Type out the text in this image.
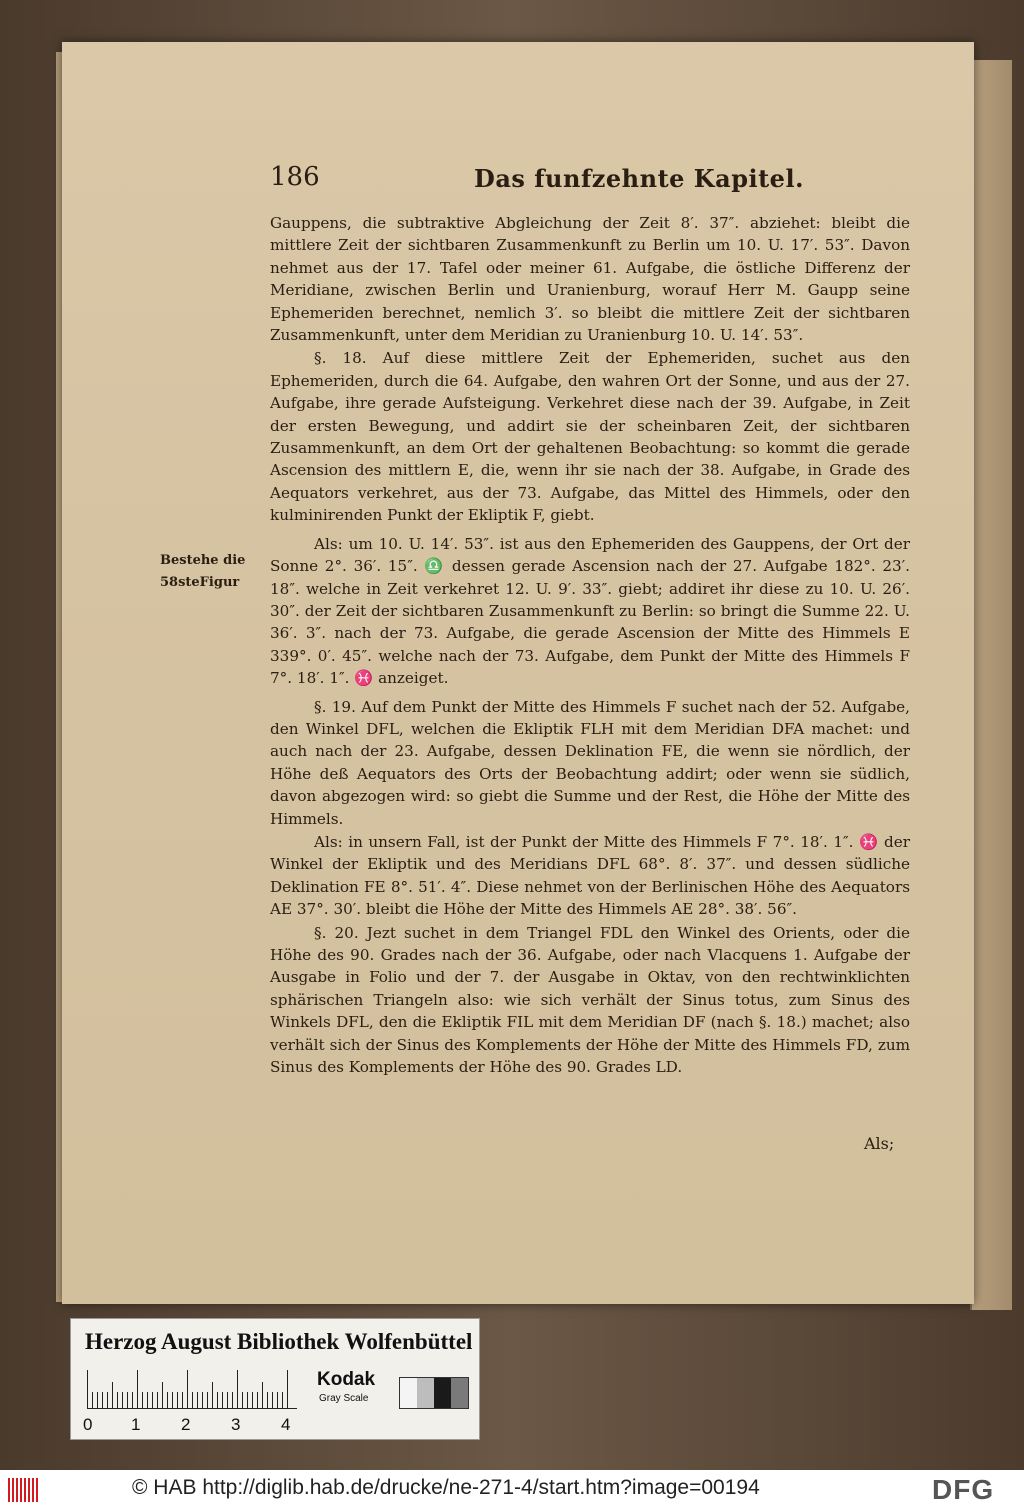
186	Das funfzehnte Kapitel.
Bestehe die
58steFigur

Gauppens, die subtraktive Abgleichung der Zeit 8′. 37″. abziehet: bleibt die mittlere Zeit der sichtbaren Zusammenkunft zu Berlin um 10. U. 17′. 53″. Davon nehmet aus der 17. Tafel oder meiner 61. Aufgabe, die östliche Differenz der Meridiane, zwischen Berlin und Uranienburg, worauf Herr M. Gaupp seine Ephemeriden berechnet, nemlich 3′. so bleibt die mittlere Zeit der sichtbaren Zusammenkunft, unter dem Meridian zu Uranienburg 10. U. 14′. 53″.

§. 18. Auf diese mittlere Zeit der Ephemeriden, suchet aus den Ephemeriden, durch die 64. Aufgabe, den wahren Ort der Sonne, und aus der 27. Aufgabe, ihre gerade Aufsteigung. Verkehret diese nach der 39. Aufgabe, in Zeit der ersten Bewegung, und addirt sie der scheinbaren Zeit, der sichtbaren Zusammenkunft, an dem Ort der gehaltenen Beobachtung: so kommt die gerade Ascension des mittlern E, die, wenn ihr sie nach der 38. Aufgabe, in Grade des Aequators verkehret, aus der 73. Aufgabe, das Mittel des Himmels, oder den kulminirenden Punkt der Ekliptik F, giebt.

Als: um 10. U. 14′. 53″. ist aus den Ephemeriden des Gauppens, der Ort der Sonne 2°. 36′. 15″. ♎ dessen gerade Ascension nach der 27. Aufgabe 182°. 23′. 18″. welche in Zeit verkehret 12. U. 9′. 33″. giebt; addiret ihr diese zu 10. U. 26′. 30″. der Zeit der sichtbaren Zusammenkunft zu Berlin: so bringt die Summe 22. U. 36′. 3″. nach der 73. Aufgabe, die gerade Ascension der Mitte des Himmels E 339°. 0′. 45″. welche nach der 73. Aufgabe, dem Punkt der Mitte des Himmels F 7°. 18′. 1″. ♓ anzeiget.

§. 19. Auf dem Punkt der Mitte des Himmels F suchet nach der 52. Aufgabe, den Winkel DFL, welchen die Ekliptik FLH mit dem Meridian DFA machet: und auch nach der 23. Aufgabe, dessen Deklination FE, die wenn sie nördlich, der Höhe deß Aequators des Orts der Beobachtung addirt; oder wenn sie südlich, davon abgezogen wird: so giebt die Summe und der Rest, die Höhe der Mitte des Himmels.

Als: in unsern Fall, ist der Punkt der Mitte des Himmels F 7°. 18′. 1″. ♓ der Winkel der Ekliptik und des Meridians DFL 68°. 8′. 37″. und dessen südliche Deklination FE 8°. 51′. 4″. Diese nehmet von der Berlinischen Höhe des Aequators AE 37°. 30′. bleibt die Höhe der Mitte des Himmels AE 28°. 38′. 56″.

§. 20. Jezt suchet in dem Triangel FDL den Winkel des Orients, oder die Höhe des 90. Grades nach der 36. Aufgabe, oder nach Vlacquens 1. Aufgabe der Ausgabe in Folio und der 7. der Ausgabe in Oktav, von den rechtwinklichten sphärischen Triangeln also: wie sich verhält der Sinus totus, zum Sinus des Winkels DFL, den die Ekliptik FIL mit dem Meridian DF (nach §. 18.) machet; also verhält sich der Sinus des Komplements der Höhe der Mitte des Himmels FD, zum Sinus des Komplements der Höhe des 90. Grades LD.

Als;
Herzog August Bibliothek Wolfenbüttel
0 1 2 3 4
Kodak
Gray Scale
© HAB http://diglib.hab.de/drucke/ne-271-4/start.htm?image=00194	DFG
